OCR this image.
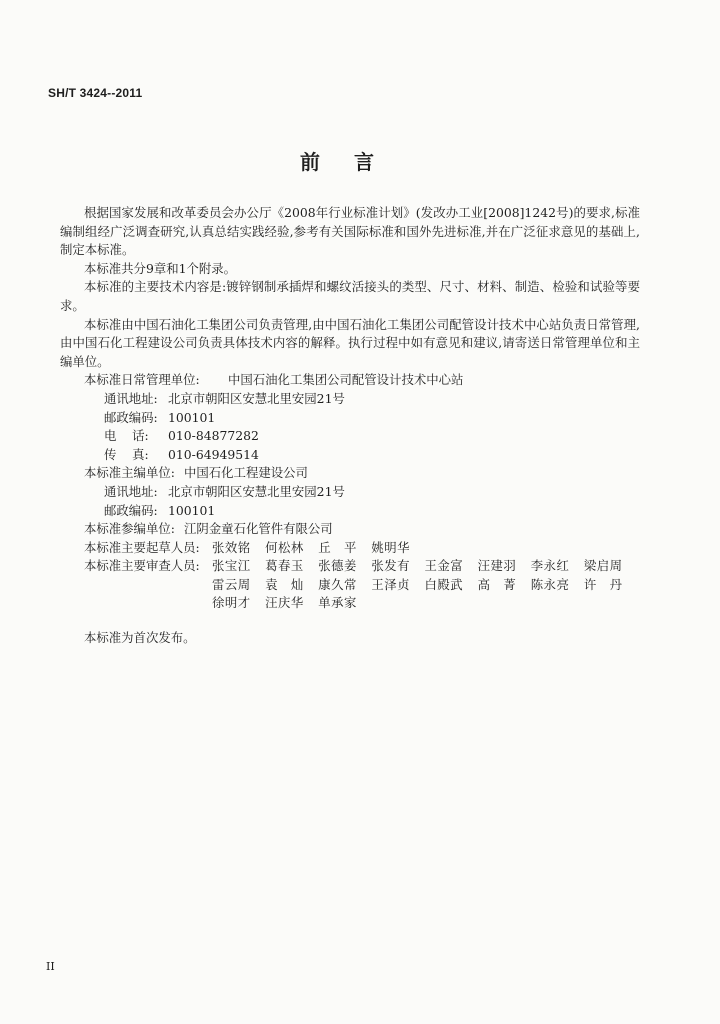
SH/T 3424--2011
前言

根据国家发展和改革委员会办公厅《2008年行业标准计划》(发改办工业[2008]1242号)的要求,标准编制组经广泛调查研究,认真总结实践经验,参考有关国际标准和国外先进标准,并在广泛征求意见的基础上,制定本标准。

本标准共分9章和1个附录。

本标准的主要技术内容是:镀锌钢制承插焊和螺纹活接头的类型、尺寸、材料、制造、检验和试验等要求。

本标准由中国石油化工集团公司负责管理,由中国石油化工集团公司配管设计技术中心站负责日常管理,由中国石化工程建设公司负责具体技术内容的解释。执行过程中如有意见和建议,请寄送日常管理单位和主编单位。

本标准日常管理单位: 中国石油化工集团公司配管设计技术中心站
通讯地址: 北京市朝阳区安慧北里安园21号
邮政编码: 100101
电    话: 010-84877282
传    真: 010-64949514
本标准主编单位: 中国石化工程建设公司
通讯地址: 北京市朝阳区安慧北里安园21号
邮政编码: 100101
本标准参编单位: 江阴金童石化管件有限公司
本标准主要起草人员: 张效铭 何松林 丘　平 姚明华
本标准主要审查人员: 张宝江 葛春玉 张德姜 张发有 王金富 汪建羽 李永红 梁启周
雷云周 袁　灿 康久常 王泽贞 白殿武 高　菁 陈永亮 许　丹
徐明才 汪庆华 单承家
本标准为首次发布。
II
